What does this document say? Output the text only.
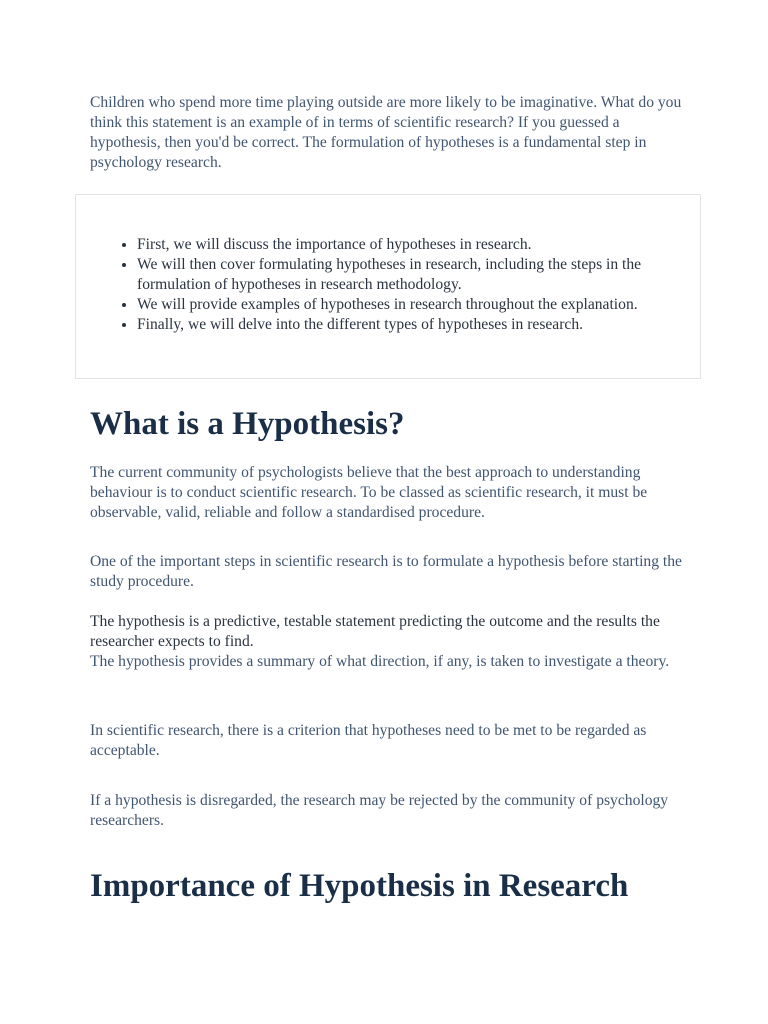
Children who spend more time playing outside are more likely to be imaginative. What do you think this statement is an example of in terms of scientific research? If you guessed a hypothesis, then you'd be correct. The formulation of hypotheses is a fundamental step in psychology research.

• First, we will discuss the importance of hypotheses in research.
• We will then cover formulating hypotheses in research, including the steps in the formulation of hypotheses in research methodology.
• We will provide examples of hypotheses in research throughout the explanation.
• Finally, we will delve into the different types of hypotheses in research.
What is a Hypothesis?

The current community of psychologists believe that the best approach to understanding behaviour is to conduct scientific research. To be classed as scientific research, it must be observable, valid, reliable and follow a standardised procedure.

One of the important steps in scientific research is to formulate a hypothesis before starting the study procedure.

The hypothesis is a predictive, testable statement predicting the outcome and the results the researcher expects to find.

The hypothesis provides a summary of what direction, if any, is taken to investigate a theory.

In scientific research, there is a criterion that hypotheses need to be met to be regarded as acceptable.

If a hypothesis is disregarded, the research may be rejected by the community of psychology researchers.

Importance of Hypothesis in Research
